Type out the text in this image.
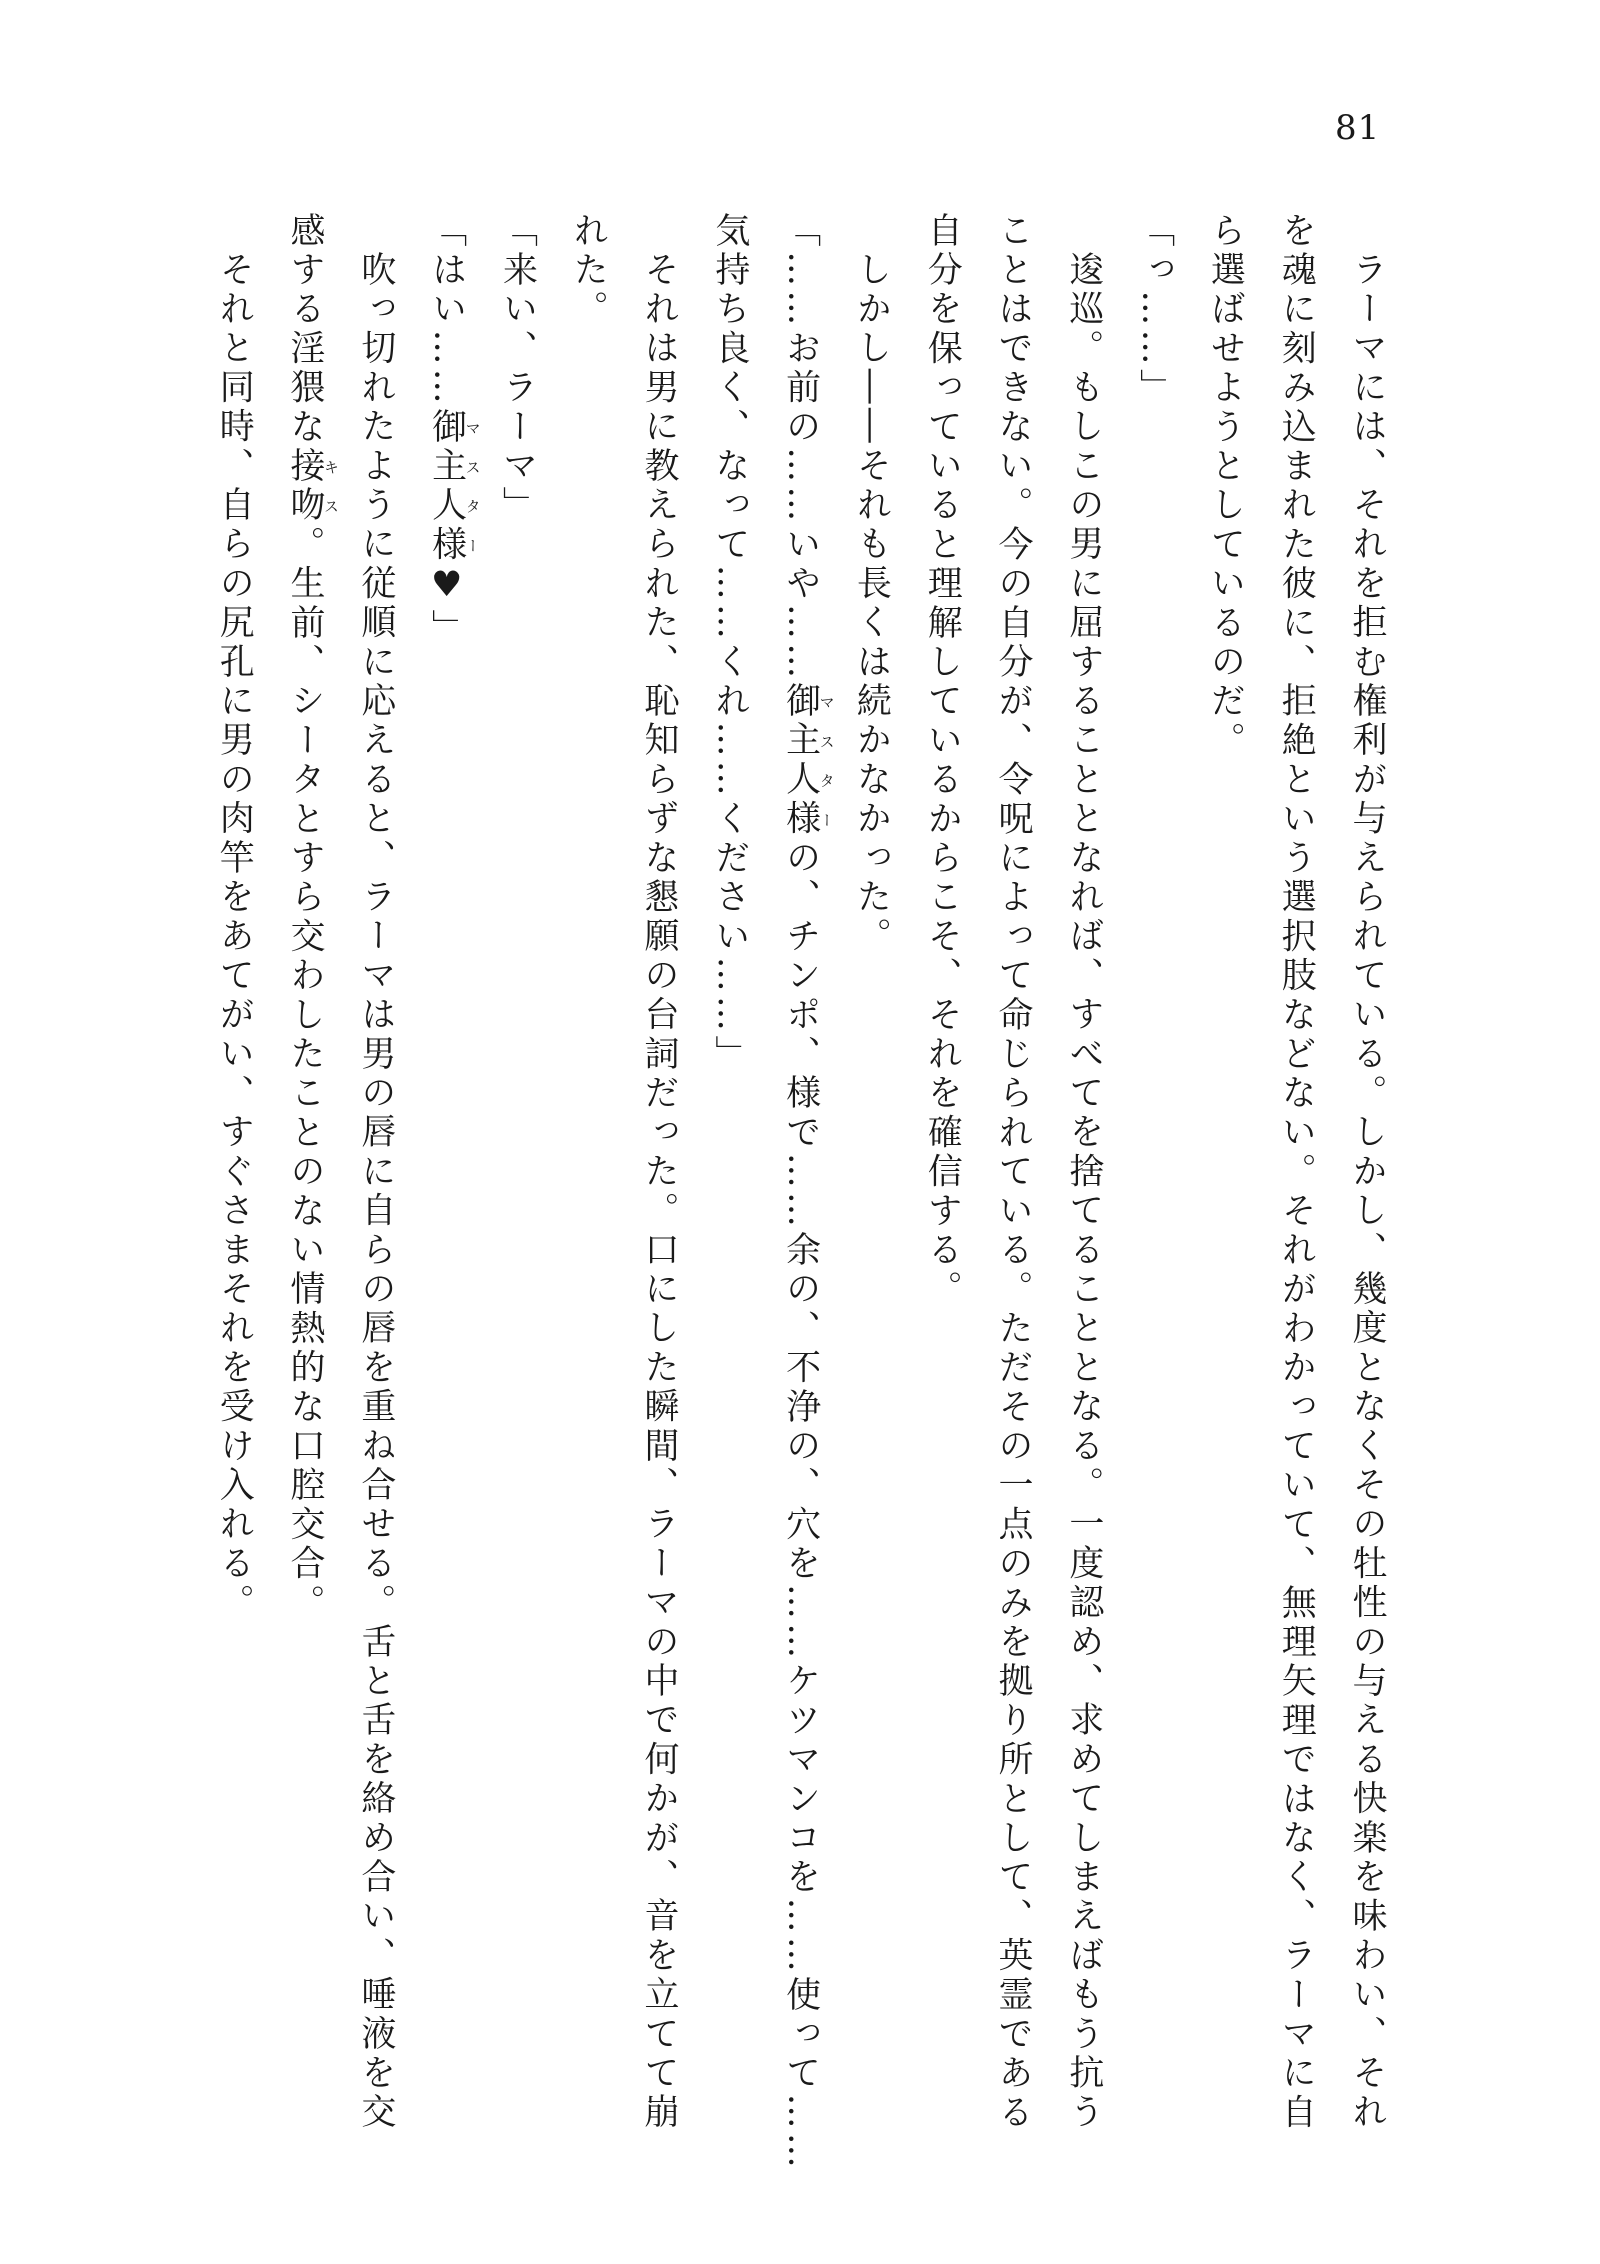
81
ラーマには、それを拒む権利が与えられている。しかし、幾度となくその牡性の与える快楽を味わい、それ
を魂に刻み込まれた彼に、拒絶という選択肢などない。それがわかっていて、無理矢理ではなく、ラーマに自
ら選ばせようとしているのだ。
「っ……」
逡巡。もしこの男に屈することとなれば、すべてを捨てることとなる。一度認め、求めてしまえばもう抗う
ことはできない。今の自分が、令呪によって命じられている。ただその一点のみを拠り所として、英霊である
自分を保っていると理解しているからこそ、それを確信する。
しかし――それも長くは続かなかった。
「……お前の……いや……御主人様マスターの、チンポ、様で……余の、不浄の、穴を……ケツマンコを……使って……
気持ち良く、なって……くれ……ください……」
それは男に教えられた、恥知らずな懇願の台詞だった。口にした瞬間、ラーマの中で何かが、音を立てて崩
れた。
「来い、ラーマ」
「はい……御主人様マスター♥」
吹っ切れたように従順に応えると、ラーマは男の唇に自らの唇を重ね合せる。舌と舌を絡め合い、唾液を交
感する淫猥な接吻キス。生前、シータとすら交わしたことのない情熱的な口腔交合。
それと同時、自らの尻孔に男の肉竿をあてがい、すぐさまそれを受け入れる。
